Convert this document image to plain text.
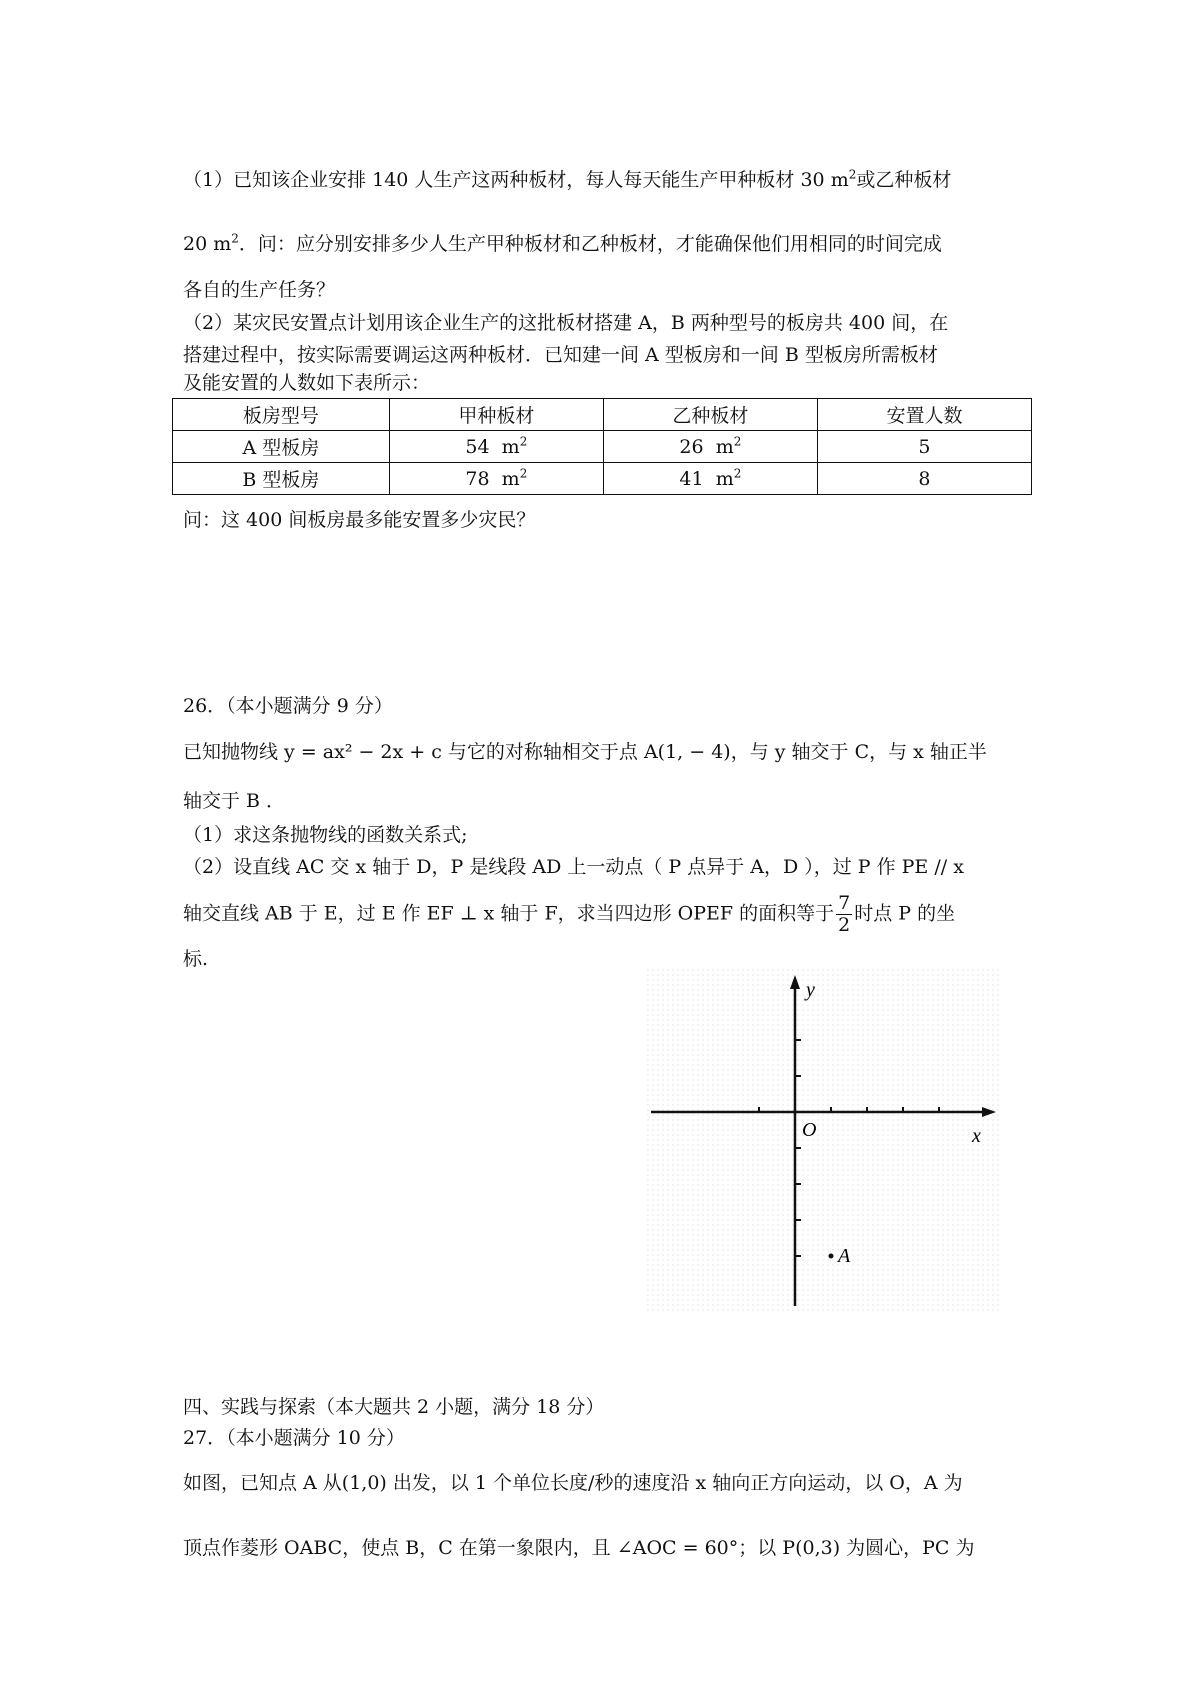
（1）已知该企业安排 140 人生产这两种板材，每人每天能生产甲种板材 30 $m^2$或乙种板材
20 $m^2$．问：应分别安排多少人生产甲种板材和乙种板材，才能确保他们用相同的时间完成
各自的生产任务？
（2）某灾民安置点计划用该企业生产的这批板材搭建 A，B 两种型号的板房共 400 间，在
搭建过程中，按实际需要调运这两种板材．已知建一间 A 型板房和一间 B 型板房所需板材
及能安置的人数如下表所示：
板房型号	甲种板材	乙种板材	安置人数
A 型板房	54 $m^2$	26 $m^2$	5
B 型板房	78 $m^2$	41 $m^2$	8
问：这 400 间板房最多能安置多少灾民？
26．（本小题满分 9 分）
已知抛物线 y = ax² − 2x + c 与它的对称轴相交于点 A(1, − 4)，与 y 轴交于 C，与 x 轴正半
轴交于 B ．
（1）求这条抛物线的函数关系式;
（2）设直线 AC 交 x 轴于 D，P 是线段 AD 上一动点（ P 点异于 A，D ），过 P 作 PE // x
轴交直线 AB 于 E，过 E 作 EF ⊥ x 轴于 F，求当四边形 OPEF 的面积等于 $\frac{7}{2}$ 时点 P 的坐
标.
y
x
O
A
四、实践与探索（本大题共 2 小题，满分 18 分）
27．（本小题满分 10 分）
如图，已知点 A 从(1,0) 出发，以 1 个单位长度/秒的速度沿 x 轴向正方向运动，以 O，A 为
顶点作菱形 OABC，使点 B，C 在第一象限内，且 ∠AOC = 60°；以 P(0,3) 为圆心，PC 为
